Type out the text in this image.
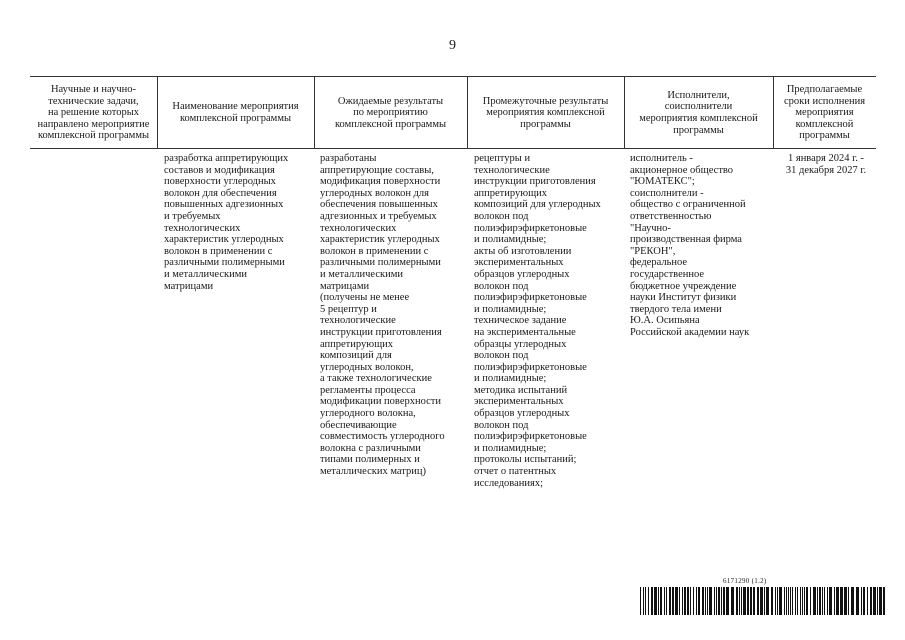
9
Научные и научно-
технические задачи,
на решение которых
направлено мероприятие
комплексной программы
Наименование мероприятия
комплексной программы
Ожидаемые результаты
по мероприятию
комплексной программы
Промежуточные результаты
мероприятия комплексной
программы
Исполнители,
соисполнители
мероприятия комплексной
программы
Предполагаемые
сроки исполнения
мероприятия
комплексной
программы
разработка аппретирующих
составов и модификация
поверхности углеродных
волокон для обеспечения
повышенных адгезионных
и требуемых
технологических
характеристик углеродных
волокон в применении с
различными полимерными
и металлическими
матрицами
разработаны
аппретирующие составы,
модификация поверхности
углеродных волокон для
обеспечения повышенных
адгезионных и требуемых
технологических
характеристик углеродных
волокон в применении с
различными полимерными
и металлическими
матрицами
(получены не менее
5 рецептур и
технологические
инструкции приготовления
аппретирующих
композиций для
углеродных волокон,
а также технологические
регламенты процесса
модификации поверхности
углеродного волокна,
обеспечивающие
совместимость углеродного
волокна с различными
типами полимерных и
металлических матриц)
рецептуры и
технологические
инструкции приготовления
аппретирующих
композиций для углеродных
волокон под
полиэфирэфиркетоновые
и полиамидные;
акты об изготовлении
экспериментальных
образцов углеродных
волокон под
полиэфирэфиркетоновые
и полиамидные;
техническое задание
на экспериментальные
образцы углеродных
волокон под
полиэфирэфиркетоновые
и полиамидные;
методика испытаний
экспериментальных
образцов углеродных
волокон под
полиэфирэфиркетоновые
и полиамидные;
протоколы испытаний;
отчет о патентных
исследованиях;
исполнитель -
акционерное общество
"ЮМАТЕКС";
соисполнители -
общество с ограниченной
ответственностью
"Научно-
производственная фирма
"РЕКОН",
федеральное
государственное
бюджетное учреждение
науки Институт физики
твердого тела имени
Ю.А. Осипьяна
Российской академии наук
1 января 2024 г. -
31 декабря 2027 г.
6171290 (1.2)
